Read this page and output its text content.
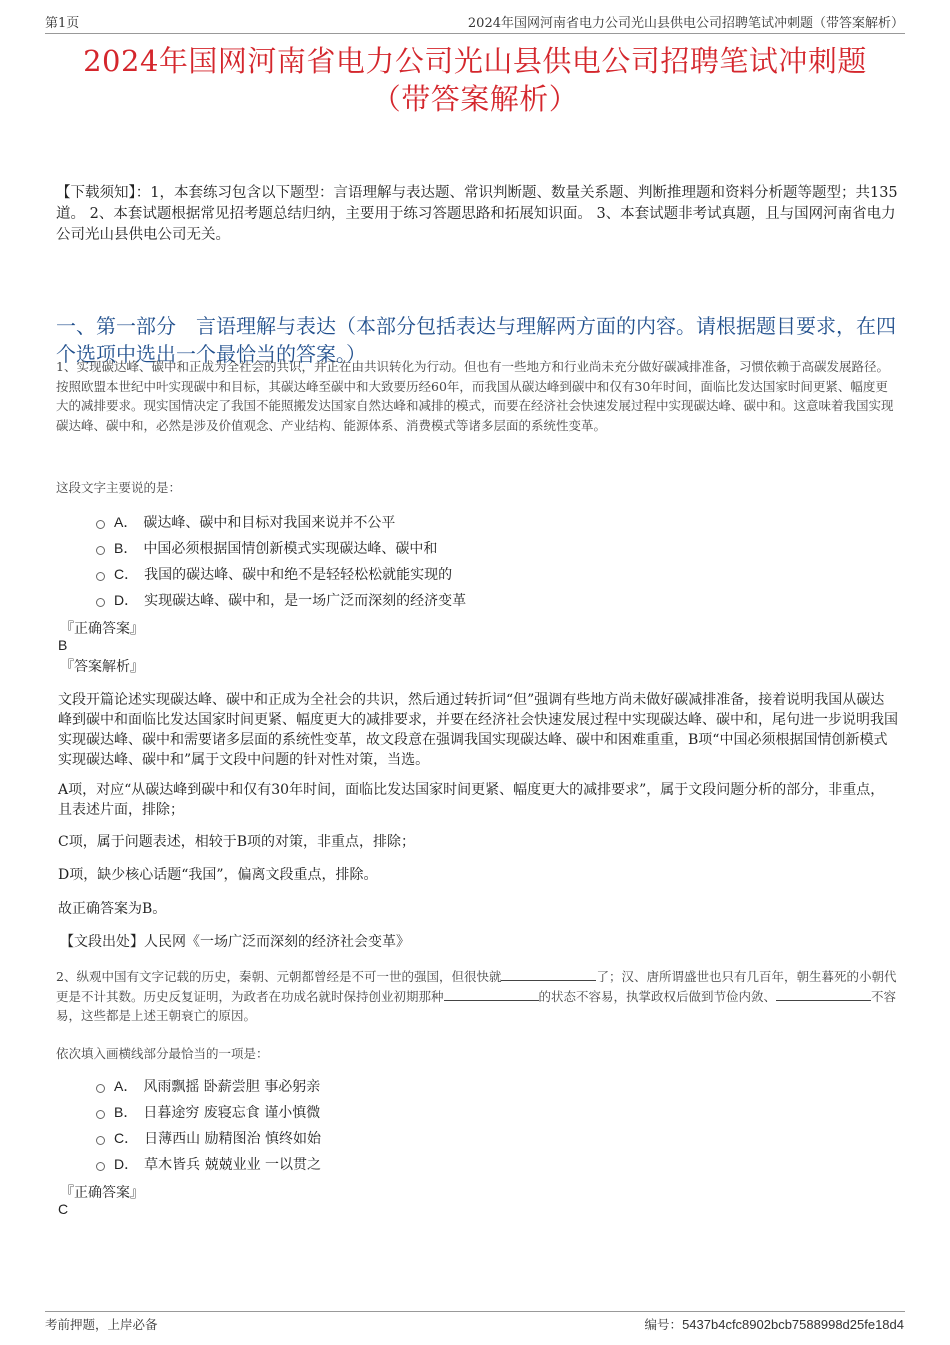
第1页	2024年国网河南省电力公司光山县供电公司招聘笔试冲刺题（带答案解析）
2024年国网河南省电力公司光山县供电公司招聘笔试冲刺题
（带答案解析）
【下载须知】：1，本套练习包含以下题型：言语理解与表达题、常识判断题、数量关系题、判断推理题和资料分析题等题型；共135道。 2、本套试题根据常见招考题总结归纳，主要用于练习答题思路和拓展知识面。 3、本套试题非考试真题，且与国网河南省电力公司光山县供电公司无关。
一、第一部分　言语理解与表达（本部分包括表达与理解两方面的内容。请根据题目要求，在四个选项中选出一个最恰当的答案。）
1、实现碳达峰、碳中和正成为全社会的共识，并正在由共识转化为行动。但也有一些地方和行业尚未充分做好碳减排准备，习惯依赖于高碳发展路径。按照欧盟本世纪中叶实现碳中和目标，其碳达峰至碳中和大致要历经60年，而我国从碳达峰到碳中和仅有30年时间，面临比发达国家时间更紧、幅度更大的减排要求。现实国情决定了我国不能照搬发达国家自然达峰和减排的模式，而要在经济社会快速发展过程中实现碳达峰、碳中和。这意味着我国实现碳达峰、碳中和，必然是涉及价值观念、产业结构、能源体系、消费模式等诸多层面的系统性变革。
这段文字主要说的是：
A． 碳达峰、碳中和目标对我国来说并不公平
B． 中国必须根据国情创新模式实现碳达峰、碳中和
C． 我国的碳达峰、碳中和绝不是轻轻松松就能实现的
D． 实现碳达峰、碳中和，是一场广泛而深刻的经济变革
『正确答案』
B
『答案解析』
文段开篇论述实现碳达峰、碳中和正成为全社会的共识，然后通过转折词“但”强调有些地方尚未做好碳减排准备，接着说明我国从碳达峰到碳中和面临比发达国家时间更紧、幅度更大的减排要求，并要在经济社会快速发展过程中实现碳达峰、碳中和，尾句进一步说明我国实现碳达峰、碳中和需要诸多层面的系统性变革，故文段意在强调我国实现碳达峰、碳中和困难重重，B项“中国必须根据国情创新模式实现碳达峰、碳中和”属于文段中问题的针对性对策，当选。
A项，对应“从碳达峰到碳中和仅有30年时间，面临比发达国家时间更紧、幅度更大的减排要求”，属于文段问题分析的部分，非重点，且表述片面，排除；
C项，属于问题表述，相较于B项的对策，非重点，排除；
D项，缺少核心话题“我国”，偏离文段重点，排除。
故正确答案为B。
【文段出处】人民网《一场广泛而深刻的经济社会变革》
2、纵观中国有文字记载的历史，秦朝、元朝都曾经是不可一世的强国，但很快就	了；汉、唐所谓盛世也只有几百年，朝生暮死的小朝代更是不计其数。历史反复证明，为政者在功成名就时保持创业初期那种	的状态不容易，执掌政权后做到节俭内敛、	不容易，这些都是上述王朝衰亡的原因。
依次填入画横线部分最恰当的一项是：
A． 风雨飘摇 卧薪尝胆 事必躬亲
B． 日暮途穷 废寝忘食 谨小慎微
C． 日薄西山 励精图治 慎终如始
D． 草木皆兵 兢兢业业 一以贯之
『正确答案』
C
考前押题，上岸必备	编号：5437b4cfc8902bcb7588998d25fe18d4
